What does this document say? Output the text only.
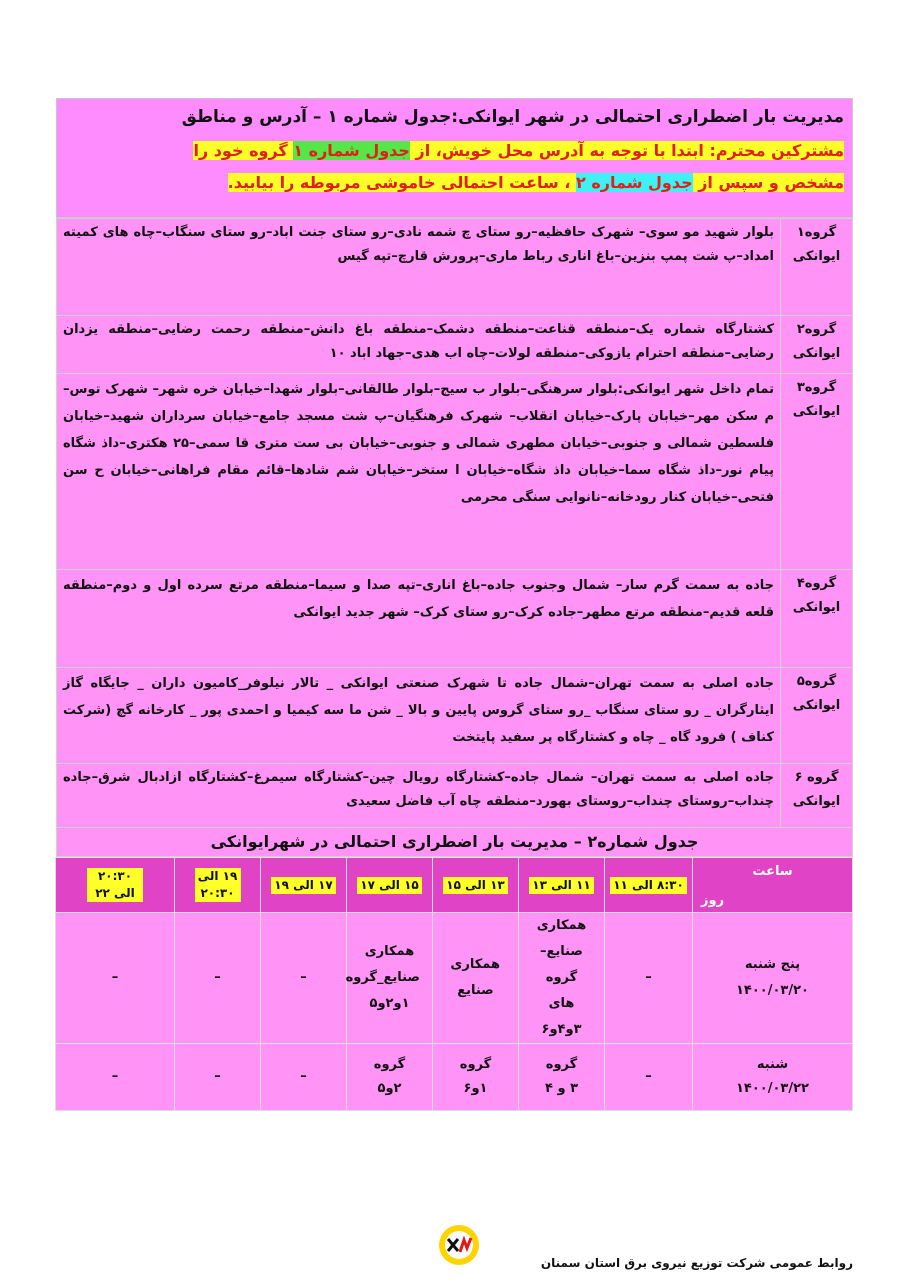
مدیریت بار اضطراری احتمالی در شهر ایوانکی:جدول شماره ۱ – آدرس و مناطق
مشترکین محترم: ابتدا با توجه به آدرس محل خویش، از جدول شماره ۱ گروه خود را
مشخص و سپس از جدول شماره ۲ ، ساعت احتمالی خاموشی مربوطه را بیابید.
گروه۱
ایوانکی	بلوار شهید مو سوی– شهرک حافظیه–رو ستای چ شمه نادی–رو ستای جنت اباد–رو ستای سنگاب–چاه های کمیته امداد–پ شت پمپ بنزین–باغ اناری رباط ماری–پرورش قارچ–تپه گیس

گروه۲
ایوانکی	کشتارگاه شماره یک–منطقه قناعت–منطقه دشمک–منطقه باغ دانش–منطقه رحمت رضایی–منطقه یزدان رضایی–منطقه احترام یازوکی–منطقه لولات–چاه اب هدی–جهاد اباد ۱۰

گروه۳
ایوانکی	تمام داخل شهر ایوانکی:بلوار سرهنگی–بلوار ب سیج–بلوار طالقانی–بلوار شهدا–خیابان خره شهر– شهرک توس–م سکن مهر–خیابان پارک–خیابان انقلاب– شهرک فرهنگیان–پ شت مسجد جامع–خیابان سرداران شهید–خیابان فلسطین شمالی و جنوبی–خیابان مطهری شمالی و جنوبی–خیابان بی ست متری قا سمی–۲۵ هکتری–داذ شگاه پیام نور–داذ شگاه سما–خیابان داذ شگاه–خیابان ا ستخر–خیابان شم شادها–قائم مقام فراهانی–خیابان ح سن فتحی–خیابان کنار رودخانه–نانوایی سنگی محرمی

گروه۴
ایوانکی	جاده به سمت گرم سار– شمال وجنوب جاده–باغ اناری–تپه صدا و سیما–منطقه مرتع سرده اول و دوم–منطقه قلعه قدیم–منطقه مرتع مطهر–جاده کرک–رو ستای کرک– شهر جدید ایوانکی

گروه۵
ایوانکی	جاده اصلی به سمت تهران–شمال جاده تا شهرک صنعتی ایوانکی _ تالار نیلوفر_کامیون داران _ جایگاه گاز ایثارگران _ رو ستای سنگاب _رو ستای گروس پایین و بالا _ شن ما سه کیمیا و احمدی پور _ کارخانه گچ (شرکت کناف ) فرود گاه _ چاه و کشتارگاه پر سفید پایتخت

گروه ۶
ایوانکی	جاده اصلی به سمت تهران– شمال جاده–کشتارگاه رویال چین–کشتارگاه سیمرغ–کشتارگاه ازادبال شرق–جاده چنداب–روستای چنداب–روستای بهورد–منطقه چاه آب فاضل سعیدی
جدول شماره۲ – مدیریت بار اضطراری احتمالی در شهرایوانکی
ساعت
روز	۸:۳۰ الی ۱۱	۱۱ الی ۱۳	۱۳ الی ۱۵	۱۵ الی ۱۷	۱۷ الی ۱۹	۱۹ الی ۲۰:۳۰	۲۰:۳۰ الی ۲۲

پنج شنبه
۱۴۰۰/۰۳/۲۰	–	همکاری صنایع– گروه های ۳و۴و۶	همکاری صنایع	همکاری صنایع_گروه ۱و۲و۵	–	–	–

شنبه
۱۴۰۰/۰۳/۲۲	–	گروه ۳ و ۴	گروه ۱و۶	گروه ۲و۵	–	–	–
روابط عمومی شرکت توزیع نیروی برق استان سمنان
